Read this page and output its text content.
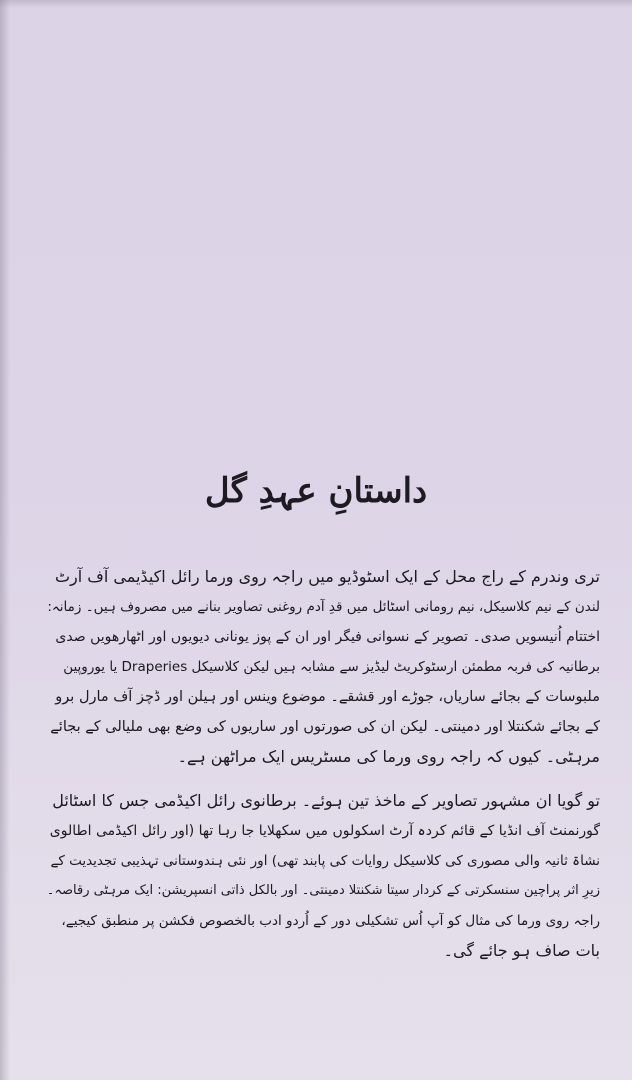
داستانِ عہدِ گل
تری وندرم کے راج محل کے ایک اسٹوڈیو میں راجہ روی ورما رائل اکیڈیمی آف آرٹ
لندن کے نیم کلاسیکل، نیم رومانی اسٹائل میں قدِ آدم روغنی تصاویر بنانے میں مصروف ہیں۔ زمانہ:
اختتام اُنیسویں صدی۔ تصویر کے نسوانی فیگر اور ان کے پوز یونانی دیویوں اور اٹھارھویں صدی
برطانیہ کی فربہ مطمئن ارسٹوکریٹ لیڈیز سے مشابہ ہیں لیکن کلاسیکل Draperies یا یوروپین
ملبوسات کے بجائے ساریاں، جوڑے اور قشقے۔ موضوع وینس اور ہیلن اور ڈچز آف مارل برو
کے بجائے شکنتلا اور دمینتی۔ لیکن ان کی صورتوں اور ساریوں کی وضع بھی ملیالی کے بجائے
مرہٹی۔ کیوں کہ راجہ روی ورما کی مسٹریس ایک مراٹھن ہے۔
تو گویا ان مشہور تصاویر کے ماخذ تین ہوئے۔ برطانوی رائل اکیڈمی جس کا اسٹائل
گورنمنٹ آف انڈیا کے قائم کردہ آرٹ اسکولوں میں سکھلایا جا رہا تھا (اور رائل اکیڈمی اطالوی
نشاۃ ثانیہ والی مصوری کی کلاسیکل روایات کی پابند تھی) اور نئی ہندوستانی تہذیبی تجدیدیت کے
زیرِ اثر پراچین سنسکرتی کے کردار سیتا شکنتلا دمینتی۔ اور بالکل ذاتی انسپریشن: ایک مرہٹی رقاصہ۔
راجہ روی ورما کی مثال کو آپ اُس تشکیلی دور کے اُردو ادب بالخصوص فکشن پر منطبق کیجیے،
بات صاف ہو جائے گی۔
